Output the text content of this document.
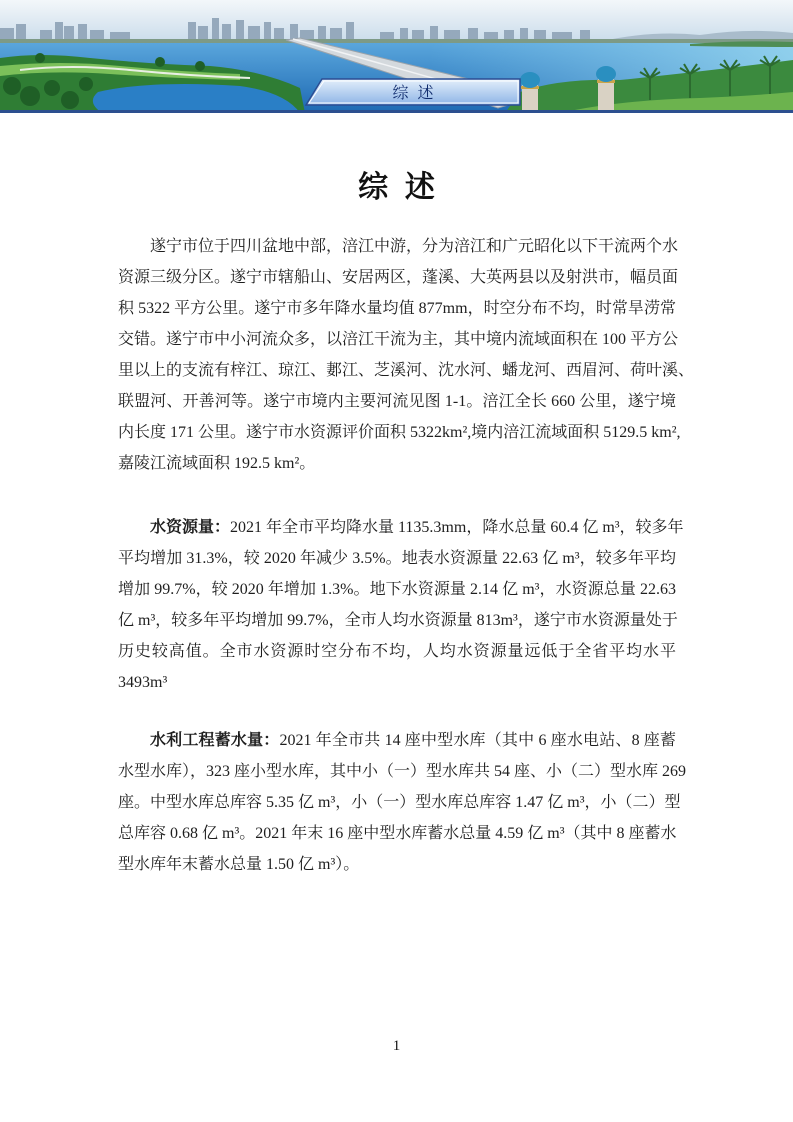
综  述
综  述
遂宁市位于四川盆地中部，涪江中游，分为涪江和广元昭化以下干流两个水
资源三级分区。遂宁市辖船山、安居两区，蓬溪、大英两县以及射洪市，幅员面
积 5322 平方公里。遂宁市多年降水量均值 877mm，时空分布不均，时常旱涝常
交错。遂宁市中小河流众多，以涪江干流为主，其中境内流域面积在 100 平方公
里以上的支流有梓江、琼江、郪江、芝溪河、沈水河、蟠龙河、西眉河、荷叶溪、
联盟河、开善河等。遂宁市境内主要河流见图 1-1。涪江全长 660 公里，遂宁境
内长度 171 公里。遂宁市水资源评价面积 5322km²,境内涪江流域面积 5129.5 km²,
嘉陵江流域面积 192.5 km²。
水资源量：2021 年全市平均降水量 1135.3mm，降水总量 60.4 亿 m³，较多年
平均增加 31.3%，较 2020 年减少 3.5%。地表水资源量 22.63 亿 m³，较多年平均
增加 99.7%，较 2020 年增加 1.3%。地下水资源量 2.14 亿 m³，水资源总量 22.63
亿 m³，较多年平均增加 99.7%，全市人均水资源量 813m³，遂宁市水资源量处于
历史较高值。全市水资源时空分布不均，人均水资源量远低于全省平均水平
3493m³
水利工程蓄水量：2021 年全市共 14 座中型水库（其中 6 座水电站、8 座蓄
水型水库），323 座小型水库，其中小（一）型水库共 54 座、小（二）型水库 269
座。中型水库总库容 5.35 亿 m³，小（一）型水库总库容 1.47 亿 m³，小（二）型
总库容 0.68 亿 m³。2021 年末 16 座中型水库蓄水总量 4.59 亿 m³（其中 8 座蓄水
型水库年末蓄水总量 1.50 亿 m³）。
1
